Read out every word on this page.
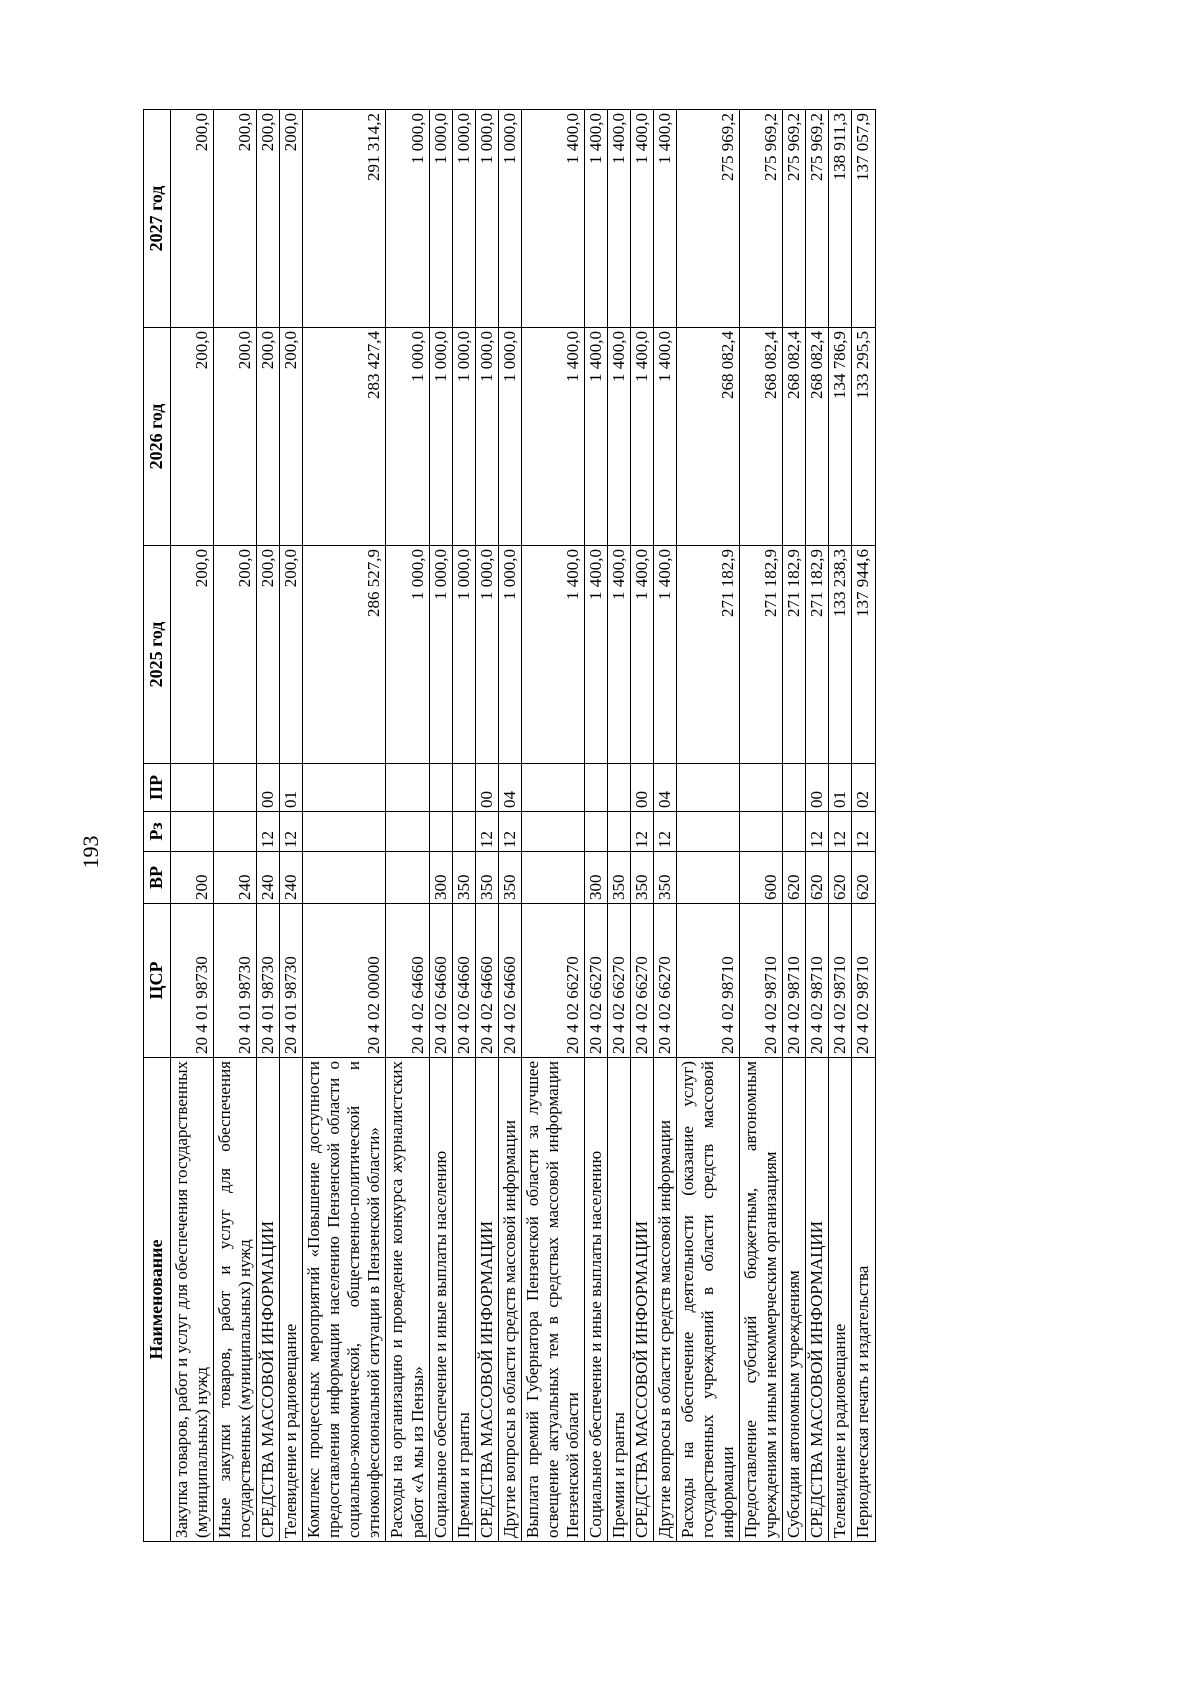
193
Наименование	ЦСР	ВР	Рз	ПР	2025 год	2026 год	2027 год
Закупка товаров, работ и услуг для обеспечения государственных (муниципальных) нужд	20 4 01 98730	200			200,0	200,0	200,0
Иные закупки товаров, работ и услуг для обеспечения государственных (муниципальных) нужд	20 4 01 98730	240			200,0	200,0	200,0
СРЕДСТВА МАССОВОЙ ИНФОРМАЦИИ	20 4 01 98730	240	12	00	200,0	200,0	200,0
Телевидение и радиовещание	20 4 01 98730	240	12	01	200,0	200,0	200,0
Комплекс процессных мероприятий «Повышение доступности предоставления информации населению Пензенской области о социально-экономической, общественно-политической и этноконфессиональной ситуации в Пензенской области»	20 4 02 00000				286 527,9	283 427,4	291 314,2
Расходы на организацию и проведение конкурса журналистских работ «А мы из Пензы»	20 4 02 64660				1 000,0	1 000,0	1 000,0
Социальное обеспечение и иные выплаты населению	20 4 02 64660	300			1 000,0	1 000,0	1 000,0
Премии и гранты	20 4 02 64660	350			1 000,0	1 000,0	1 000,0
СРЕДСТВА МАССОВОЙ ИНФОРМАЦИИ	20 4 02 64660	350	12	00	1 000,0	1 000,0	1 000,0
Другие вопросы в области средств массовой информации	20 4 02 64660	350	12	04	1 000,0	1 000,0	1 000,0
Выплата премий Губернатора Пензенской области за лучшее освещение актуальных тем в средствах массовой информации Пензенской области	20 4 02 66270				1 400,0	1 400,0	1 400,0
Социальное обеспечение и иные выплаты населению	20 4 02 66270	300			1 400,0	1 400,0	1 400,0
Премии и гранты	20 4 02 66270	350			1 400,0	1 400,0	1 400,0
СРЕДСТВА МАССОВОЙ ИНФОРМАЦИИ	20 4 02 66270	350	12	00	1 400,0	1 400,0	1 400,0
Другие вопросы в области средств массовой информации	20 4 02 66270	350	12	04	1 400,0	1 400,0	1 400,0
Расходы на обеспечение деятельности (оказание услуг) государственных учреждений в области средств массовой информации	20 4 02 98710				271 182,9	268 082,4	275 969,2
Предоставление субсидий бюджетным, автономным учреждениям и иным некоммерческим организациям	20 4 02 98710	600			271 182,9	268 082,4	275 969,2
Субсидии автономным учреждениям	20 4 02 98710	620			271 182,9	268 082,4	275 969,2
СРЕДСТВА МАССОВОЙ ИНФОРМАЦИИ	20 4 02 98710	620	12	00	271 182,9	268 082,4	275 969,2
Телевидение и радиовещание	20 4 02 98710	620	12	01	133 238,3	134 786,9	138 911,3
Периодическая печать и издательства	20 4 02 98710	620	12	02	137 944,6	133 295,5	137 057,9
